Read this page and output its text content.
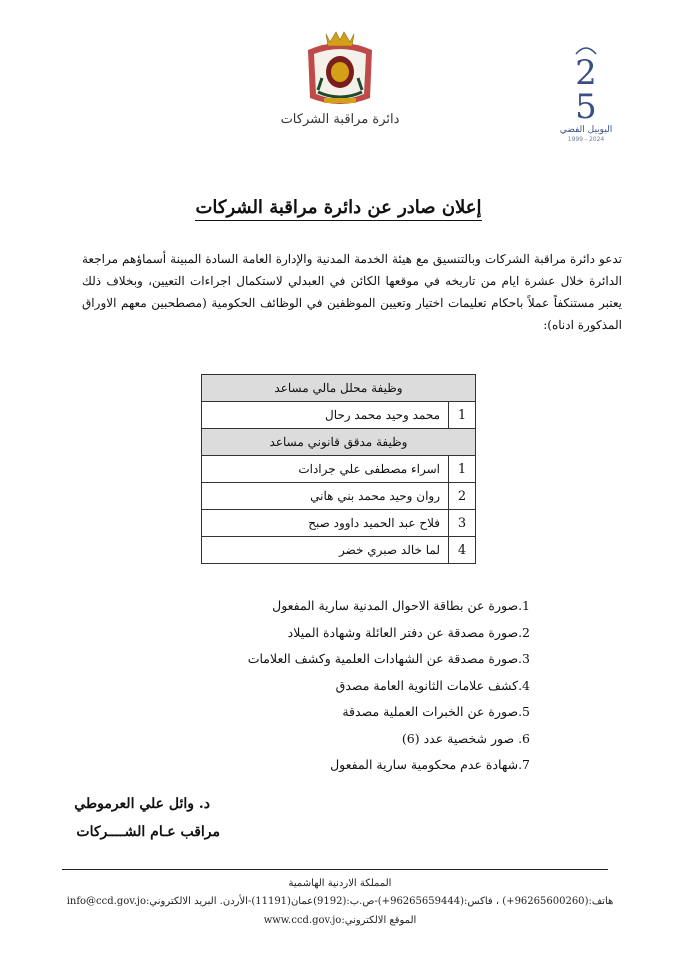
دائرة مراقبة الشركات
2
5
اليوبيل الفضي
1999 - 2024
إعلان صادر عن دائرة مراقبة الشركات

تدعو دائرة مراقبة الشركات وبالتنسيق مع هيئة الخدمة المدنية والإدارة العامة السادة المبينة أسماؤهم مراجعة الدائرة خلال عشرة ايام من تاريخه في موقعها الكائن في العبدلي لاستكمال اجراءات التعيين، وبخلاف ذلك يعتبر مستنكفاً عملاً باحكام تعليمات اختيار وتعيين الموظفين في الوظائف الحكومية (مصطحبين معهم الاوراق المذكورة ادناه):

وظيفة محلل مالي مساعد	
1	محمد وحيد محمد رحال
وظيفة مدقق قانوني مساعد	
1	اسراء مصطفى علي جرادات
2	روان وحيد محمد بني هاني
3	فلاح عبد الحميد داوود صبح
4	لما خالد صبري خضر
1.صورة عن بطاقة الاحوال المدنية سارية المفعول
2.صورة مصدقة عن دفتر العائلة وشهادة الميلاد
3.صورة مصدقة عن الشهادات العلمية وكشف العلامات
4.كشف علامات الثانوية العامة مصدق
5.صورة عن الخبرات العملية مصدقة
6. صور شخصية عدد (6)
7.شهادة عدم محكومية سارية المفعول
د. وائل علي العرموطي
مراقب عـام الشــــركات
المملكة الاردنية الهاشمية
هاتف:(96265600260+) ، فاكس:(96265659444+)-ص.ب:(9192)عمان(11191)-الأردن. البريد الالكتروني:info@ccd.gov.jo
الموقع الالكتروني:www.ccd.gov.jo
